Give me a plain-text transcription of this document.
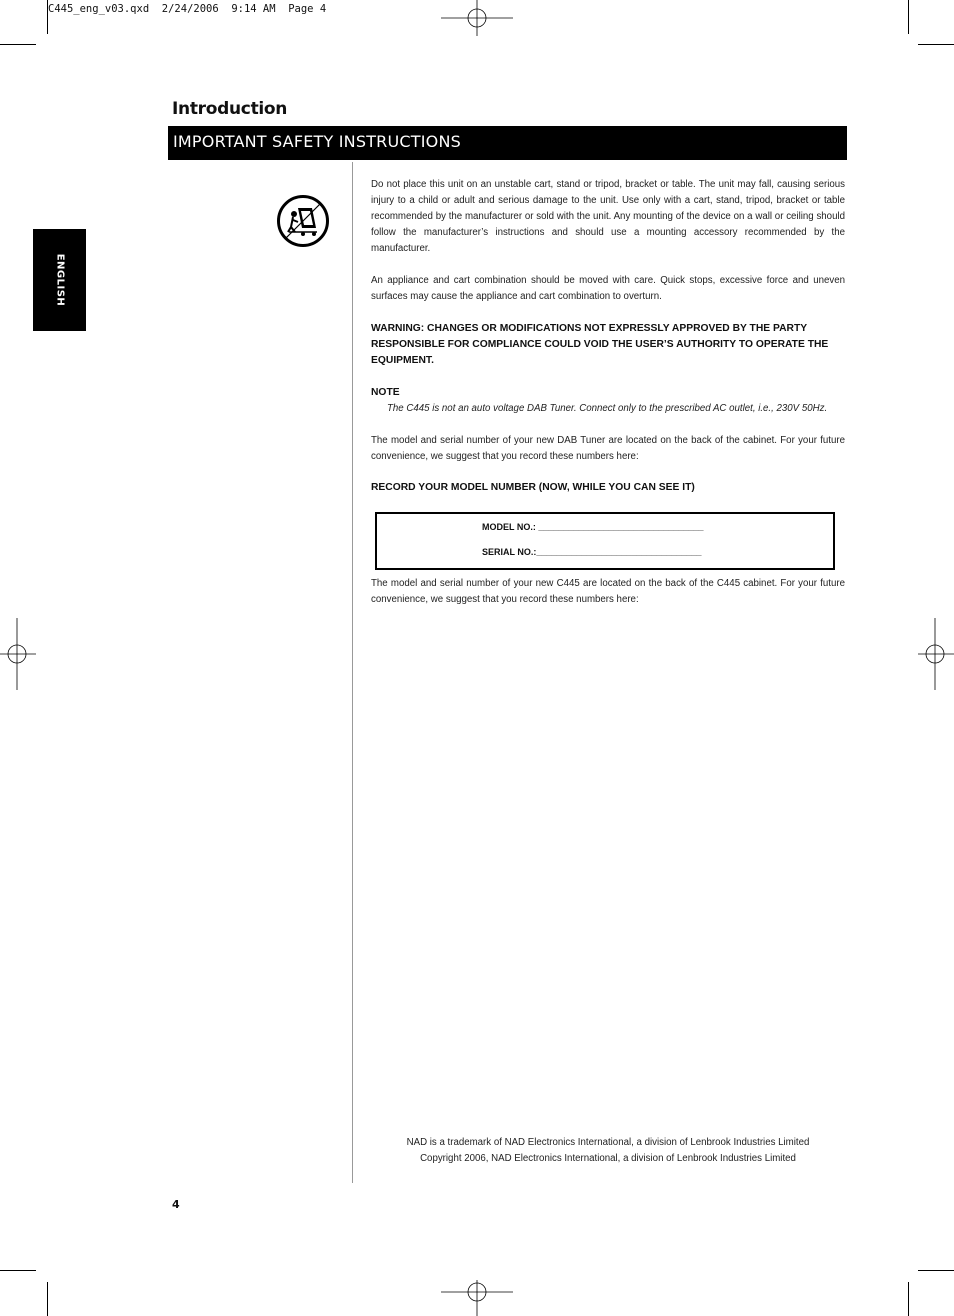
C445_eng_v03.qxd  2/24/2006  9:14 AM  Page 4
Introduction
IMPORTANT SAFETY INSTRUCTIONS
ENGLISH
Do not place this unit on an unstable cart, stand or tripod, bracket or table. The unit may fall, causing serious injury to a child or adult and serious damage to the unit. Use only with a cart, stand, tripod, bracket or table recommended by the manufacturer or sold with the unit. Any mounting of the device on a wall or ceiling should follow the manufacturer’s instructions and should use a mounting accessory recommended by the manufacturer.
An appliance and cart combination should be moved with care. Quick stops, excessive force and uneven surfaces may cause the appliance and cart combination to overturn.
WARNING: CHANGES OR MODIFICATIONS NOT EXPRESSLY APPROVED BY THE PARTY RESPONSIBLE FOR COMPLIANCE COULD VOID THE USER’S AUTHORITY TO OPERATE THE EQUIPMENT.
NOTE
The C445 is not an auto voltage DAB Tuner. Connect only to the prescribed AC outlet, i.e., 230V 50Hz.
The model and serial number of your new DAB Tuner are located on the back of the cabinet. For your future convenience, we suggest that you record these numbers here:
RECORD YOUR MODEL NUMBER (NOW, WHILE YOU CAN SEE IT)
MODEL NO.: _________________________________
SERIAL NO.:_________________________________
The model and serial number of your new C445 are located on the back of the C445 cabinet. For your future convenience, we suggest that you record these numbers here:
NAD is a trademark of NAD Electronics International, a division of Lenbrook Industries Limited
Copyright 2006, NAD Electronics International, a division of Lenbrook Industries Limited
4
